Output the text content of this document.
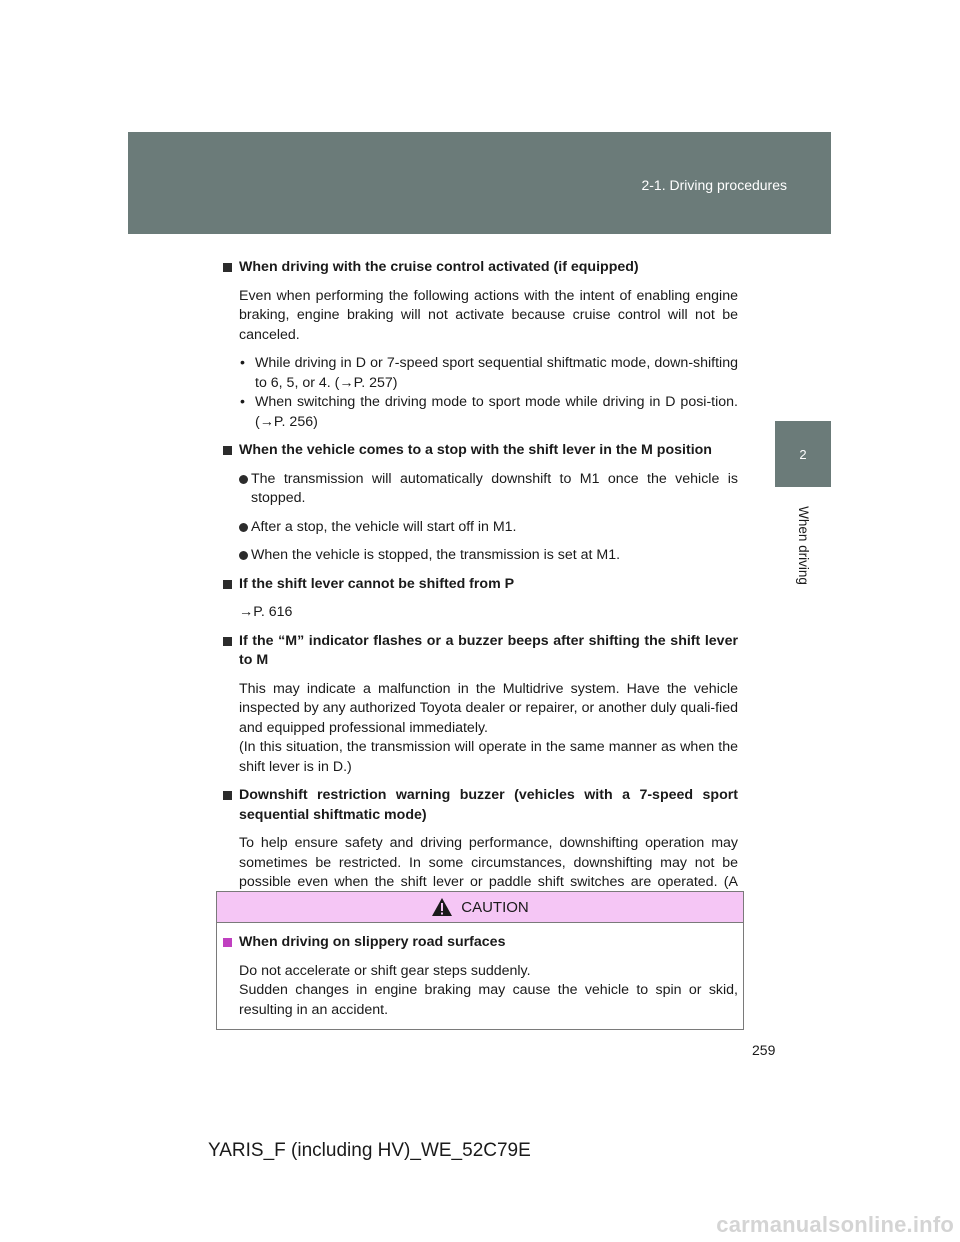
2-1. Driving procedures
2
When driving
When driving with the cruise control activated (if equipped)
Even when performing the following actions with the intent of enabling engine braking, engine braking will not activate because cruise control will not be canceled.
• While driving in D or 7-speed sport sequential shiftmatic mode, down-shifting to 6, 5, or 4. (→P. 257)
• When switching the driving mode to sport mode while driving in D posi-tion. (→P. 256)
When the vehicle comes to a stop with the shift lever in the M position
The transmission will automatically downshift to M1 once the vehicle is stopped.
After a stop, the vehicle will start off in M1.
When the vehicle is stopped, the transmission is set at M1.
If the shift lever cannot be shifted from P
→P. 616
If the “M” indicator flashes or a buzzer beeps after shifting the shift lever to M
This may indicate a malfunction in the Multidrive system. Have the vehicle inspected by any authorized Toyota dealer or repairer, or another duly quali-fied and equipped professional immediately.
(In this situation, the transmission will operate in the same manner as when the shift lever is in D.)
Downshift restriction warning buzzer (vehicles with a 7-speed sport sequential shiftmatic mode)
To help ensure safety and driving performance, downshifting operation may sometimes be restricted. In some circumstances, downshifting may not be possible even when the shift lever or paddle shift switches are operated. (A
CAUTION
When driving on slippery road surfaces
Do not accelerate or shift gear steps suddenly.
Sudden changes in engine braking may cause the vehicle to spin or skid, resulting in an accident.
259
YARIS_F (including HV)_WE_52C79E
carmanualsonline.info
